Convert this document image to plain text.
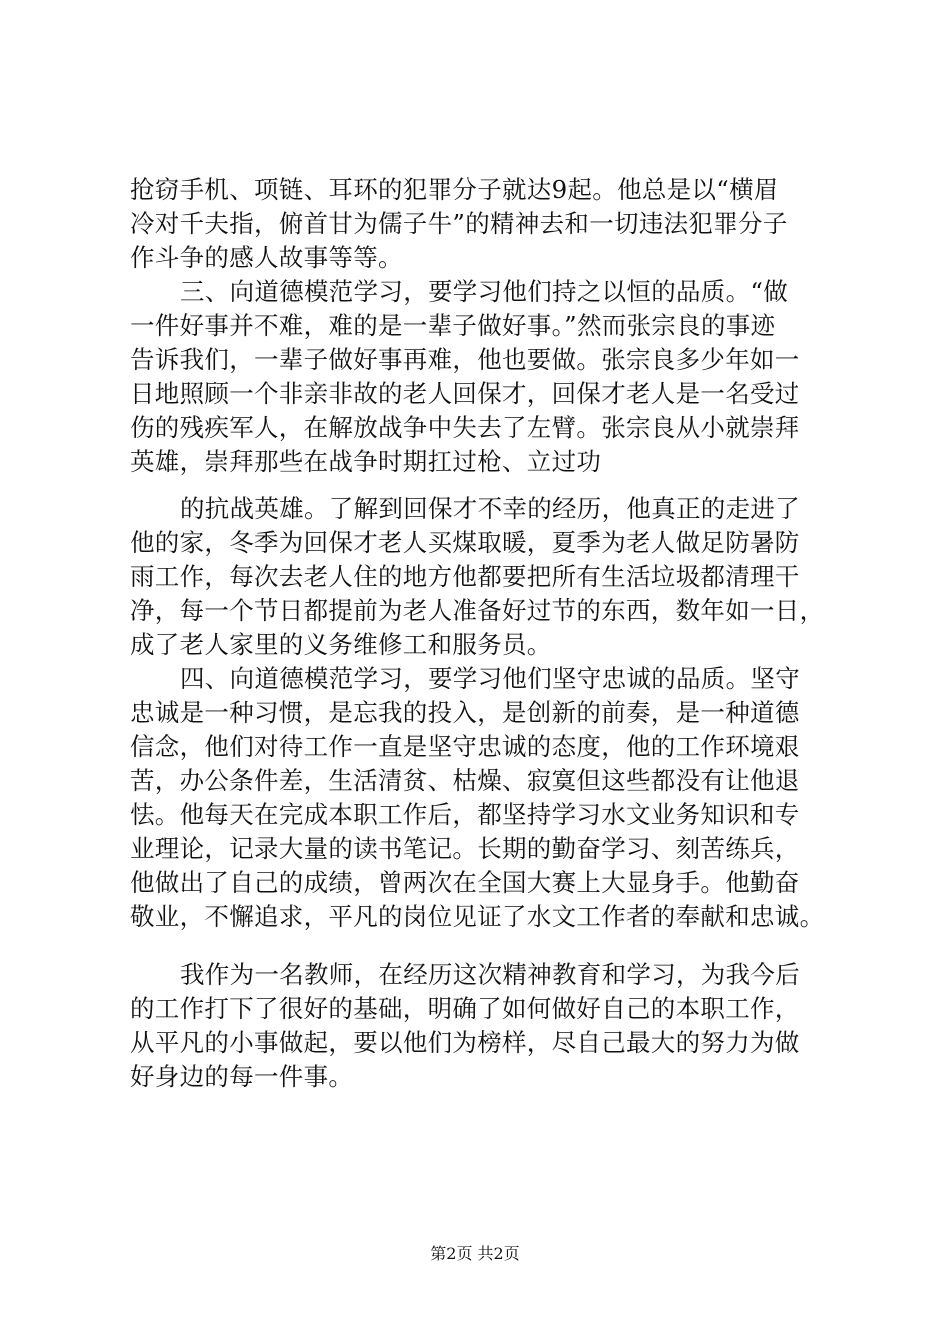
抢窃手机、项链、耳环的犯罪分子就达9起。他总是以“横眉
冷对千夫指，俯首甘为儒子牛”的精神去和一切违法犯罪分子
作斗争的感人故事等等。
三、向道德模范学习，要学习他们持之以恒的品质。“做
一件好事并不难，难的是一辈子做好事。”然而张宗良的事迹
告诉我们，一辈子做好事再难，他也要做。张宗良多少年如一
日地照顾一个非亲非故的老人回保才，回保才老人是一名受过
伤的残疾军人，在解放战争中失去了左臂。张宗良从小就崇拜
英雄，崇拜那些在战争时期扛过枪、立过功
的抗战英雄。了解到回保才不幸的经历，他真正的走进了
他的家，冬季为回保才老人买煤取暖，夏季为老人做足防暑防
雨工作，每次去老人住的地方他都要把所有生活垃圾都清理干
净，每一个节日都提前为老人准备好过节的东西，数年如一日，
成了老人家里的义务维修工和服务员。
四、向道德模范学习，要学习他们坚守忠诚的品质。坚守
忠诚是一种习惯，是忘我的投入，是创新的前奏，是一种道德
信念，他们对待工作一直是坚守忠诚的态度，他的工作环境艰
苦，办公条件差，生活清贫、枯燥、寂寞但这些都没有让他退
怯。他每天在完成本职工作后，都坚持学习水文业务知识和专
业理论，记录大量的读书笔记。长期的勤奋学习、刻苦练兵，
他做出了自己的成绩，曾两次在全国大赛上大显身手。他勤奋
敬业，不懈追求，平凡的岗位见证了水文工作者的奉献和忠诚。
我作为一名教师，在经历这次精神教育和学习，为我今后
的工作打下了很好的基础，明确了如何做好自己的本职工作，
从平凡的小事做起，要以他们为榜样，尽自己最大的努力为做
好身边的每一件事。
第2页 共2页
